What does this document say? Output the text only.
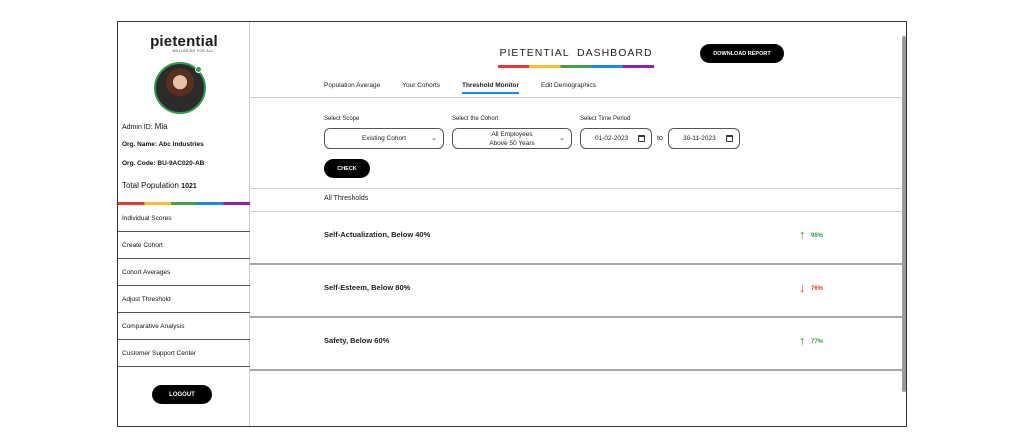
pietential
WELLBEING FOR ALL
Admin ID: Mia
Org. Name: Abc Industries
Org. Code: BU-9AC020-AB
Total Population 1021
Individual Scores
Create Cohort
Cohort Averages
Adjust Threshold
Comparative Analysis
Customer Support Center
LOGOUT
PIETENTIAL  DASHBOARD	DOWNLOAD REPORT
Population Average	Your Cohorts	Threshold Monitor	Edit Demographics
Select Scope
Existing Cohort	⌄
Select the Cohort
All Employees
Above 50 Years
⌄
Select Time Period
01-02-2023	to	30-11-2023
CHECK
All Thresholds
Self-Actualization, Below 40%	↑ 96%
Self-Esteem, Below 80%	↓ 76%
Safety, Below 60%	↑ 77%
